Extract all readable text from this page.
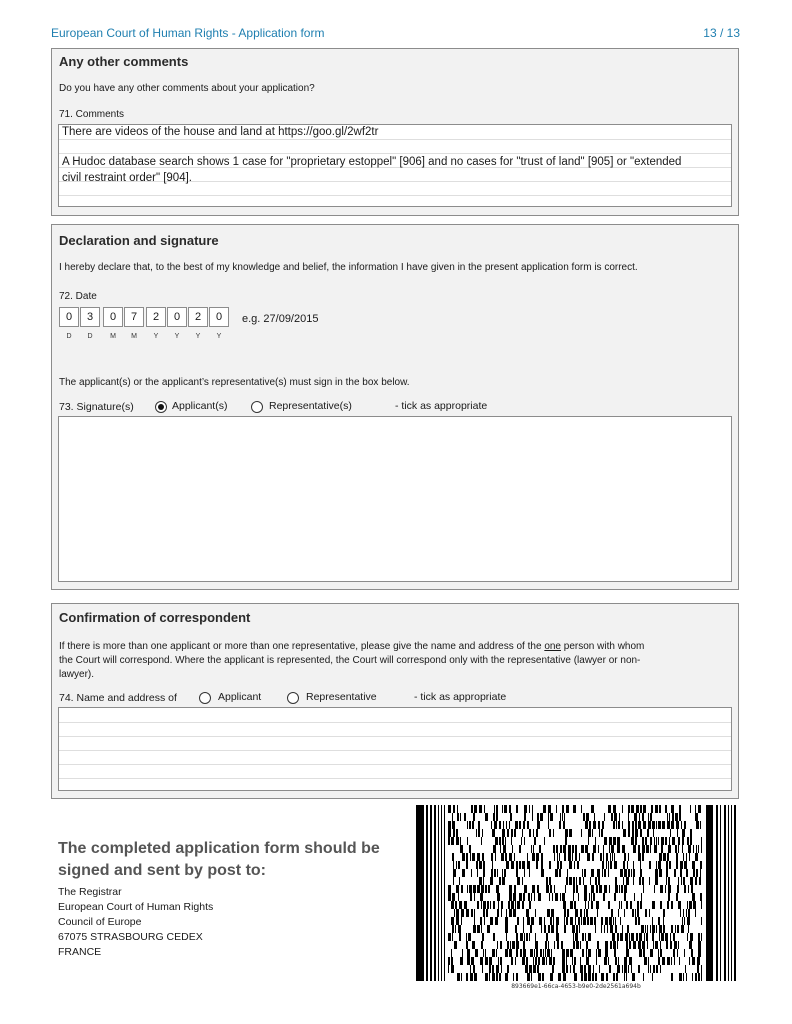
European Court of Human Rights - Application form	13 / 13
Any other comments
Do you have any other comments about your application?
71. Comments
There are videos of the house and land at https://goo.gl/2wf2tr
A Hudoc database search shows 1 case for "proprietary estoppel" [906] and no cases for "trust of land" [905] or "extended
civil restraint order" [904].
Declaration and signature
I hereby declare that, to the best of my knowledge and belief, the information I have given in the present application form is correct.
72. Date
0	3	0	7	2	0	2	0
D	D	M	M	Y	Y	Y	Y
e.g. 27/09/2015
The applicant(s) or the applicant’s representative(s) must sign in the box below.
73. Signature(s)	Applicant(s)	Representative(s)	- tick as appropriate
Confirmation of correspondent
If there is more than one applicant or more than one representative, please give the name and address of the one person with whom
the Court will correspond. Where the applicant is represented, the Court will correspond only with the representative (lawyer or non-
lawyer).
74. Name and address of	Applicant	Representative	- tick as appropriate
The completed application form should be
signed and sent by post to:
The Registrar
European Court of Human Rights
Council of Europe
67075 STRASBOURG CEDEX
FRANCE
893669e1-66ca-4653-b9e0-2de2561a694b
